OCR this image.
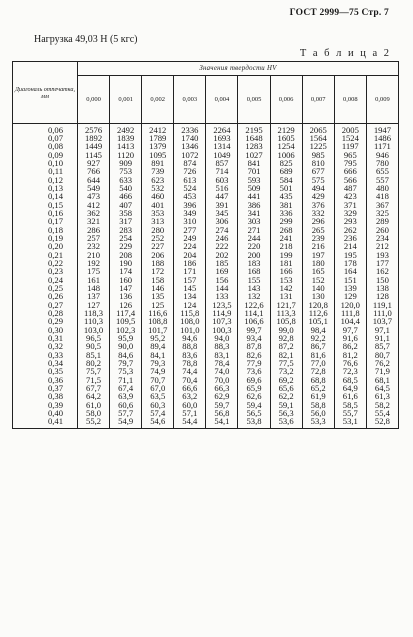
ГОСТ 2999—75 Стр. 7
Нагрузка 49,03 Н (5 кгс)
Т а б л и ц а 2
Диагональ отпечатка, мм	Значения твердости HV									
	0,000	0,001	0,002	0,003	0,004	0,005	0,006	0,007	0,008	0,009
0,06	2576	2492	2412	2336	2264	2195	2129	2065	2005	1947
0,07	1892	1839	1789	1740	1693	1648	1605	1564	1524	1486
0,08	1449	1413	1379	1346	1314	1283	1254	1225	1197	1171
0,09	1145	1120	1095	1072	1049	1027	1006	985	965	946
0,10	927	909	891	874	857	841	825	810	795	780
0,11	766	753	739	726	714	701	689	677	666	655
0,12	644	633	623	613	603	593	584	575	566	557
0,13	549	540	532	524	516	509	501	494	487	480
0,14	473	466	460	453	447	441	435	429	423	418
0,15	412	407	401	396	391	386	381	376	371	367
0,16	362	358	353	349	345	341	336	332	329	325
0,17	321	317	313	310	306	303	299	296	293	289
0,18	286	283	280	277	274	271	268	265	262	260
0,19	257	254	252	249	246	244	241	239	236	234
0,20	232	229	227	224	222	220	218	216	214	212
0,21	210	208	206	204	202	200	199	197	195	193
0,22	192	190	188	186	185	183	181	180	178	177
0,23	175	174	172	171	169	168	166	165	164	162
0,24	161	160	158	157	156	155	153	152	151	150
0,25	148	147	146	145	144	143	142	140	139	138
0,26	137	136	135	134	133	132	131	130	129	128
0,27	127	126	125	124	123,5	122,6	121,7	120,8	120,0	119,1
0,28	118,3	117,4	116,6	115,8	114,9	114,1	113,3	112,6	111,8	111,0
0,29	110,3	109,5	108,8	108,0	107,3	106,6	105,8	105,1	104,4	103,7
0,30	103,0	102,3	101,7	101,0	100,3	99,7	99,0	98,4	97,7	97,1
0,31	96,5	95,9	95,2	94,6	94,0	93,4	92,8	92,2	91,6	91,1
0,32	90,5	90,0	89,4	88,8	88,3	87,8	87,2	86,7	86,2	85,7
0,33	85,1	84,6	84,1	83,6	83,1	82,6	82,1	81,6	81,2	80,7
0,34	80,2	79,7	79,3	78,8	78,4	77,9	77,5	77,0	76,6	76,2
0,35	75,7	75,3	74,9	74,4	74,0	73,6	73,2	72,8	72,3	71,9
0,36	71,5	71,1	70,7	70,4	70,0	69,6	69,2	68,8	68,5	68,1
0,37	67,7	67,4	67,0	66,6	66,3	65,9	65,6	65,2	64,9	64,5
0,38	64,2	63,9	63,5	63,2	62,9	62,6	62,2	61,9	61,6	61,3
0,39	61,0	60,6	60,3	60,0	59,7	59,4	59,1	58,8	58,5	58,2
0,40	58,0	57,7	57,4	57,1	56,8	56,5	56,3	56,0	55,7	55,4
0,41	55,2	54,9	54,6	54,4	54,1	53,8	53,6	53,3	53,1	52,8
